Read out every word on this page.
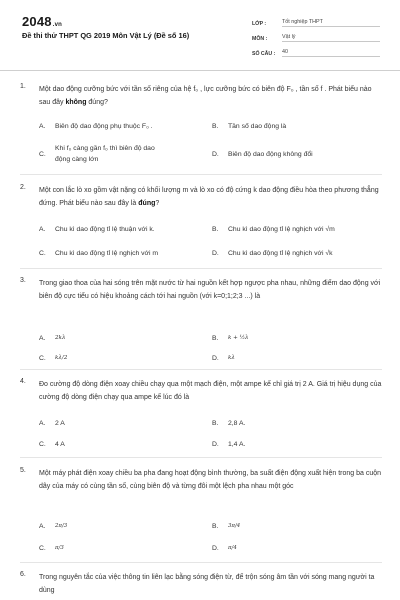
2048.vn
Đề thi thử THPT QG 2019 Môn Vật Lý (Đề số 16)
LỚP :	Tốt nghiệp THPT
MÔN :	Vật lý
SỐ CÂU :	40
1. Một dao động cưỡng bức với tần số riêng của hệ f₀ , lực cưỡng bức có biên độ F₀ , tần số f . Phát biểu nào sau đây không đúng?
A.	Biên độ dao động phụ thuộc F₀ .	B.	Tần số dao động là
C.
Khi f₀ càng gần f₀ thì biên độ dao động càng lớn
D.	Biên độ dao động không đổi
2. Một con lắc lò xo gồm vật nặng có khối lượng m và lò xo có độ cứng k dao động điều hòa theo phương thẳng đứng. Phát biểu nào sau đây là đúng?
A.	Chu kì dao động tỉ lệ thuận với k.	B.	Chu kì dao động tỉ lệ nghịch với √m
C.	Chu kì dao động tỉ lệ nghịch với m	D.	Chu kì dao động tỉ lệ nghịch với √k
3. Trong giao thoa của hai sóng trên mặt nước từ hai nguồn kết hợp ngược pha nhau, những điểm dao động với biên độ cực tiểu có hiệu khoảng cách tới hai nguồn (với k=0;1;2;3 ...) là
A.	2kλ	B.	k + ½λ
C.	kλ/2	D.	kλ
4. Đo cường độ dòng điện xoay chiều chạy qua một mạch điện, một ampe kế chỉ giá trị 2 A. Giá trị hiệu dụng của cường độ dòng điện chạy qua ampe kế lúc đó là
A.	2 A	B.	2,8 A.
C.	4 A	D.	1,4 A.
5. Một máy phát điện xoay chiều ba pha đang hoạt động bình thường, ba suất điện động xuất hiện trong ba cuộn dây của máy có cùng tần số, cùng biên độ và từng đôi một lệch pha nhau một góc
A.	2π/3	B.	3π/4
C.	π/3	D.	π/4
6. Trong nguyên tắc của việc thông tin liên lạc bằng sóng điện từ, để trộn sóng âm tần với sóng mang người ta dùng
